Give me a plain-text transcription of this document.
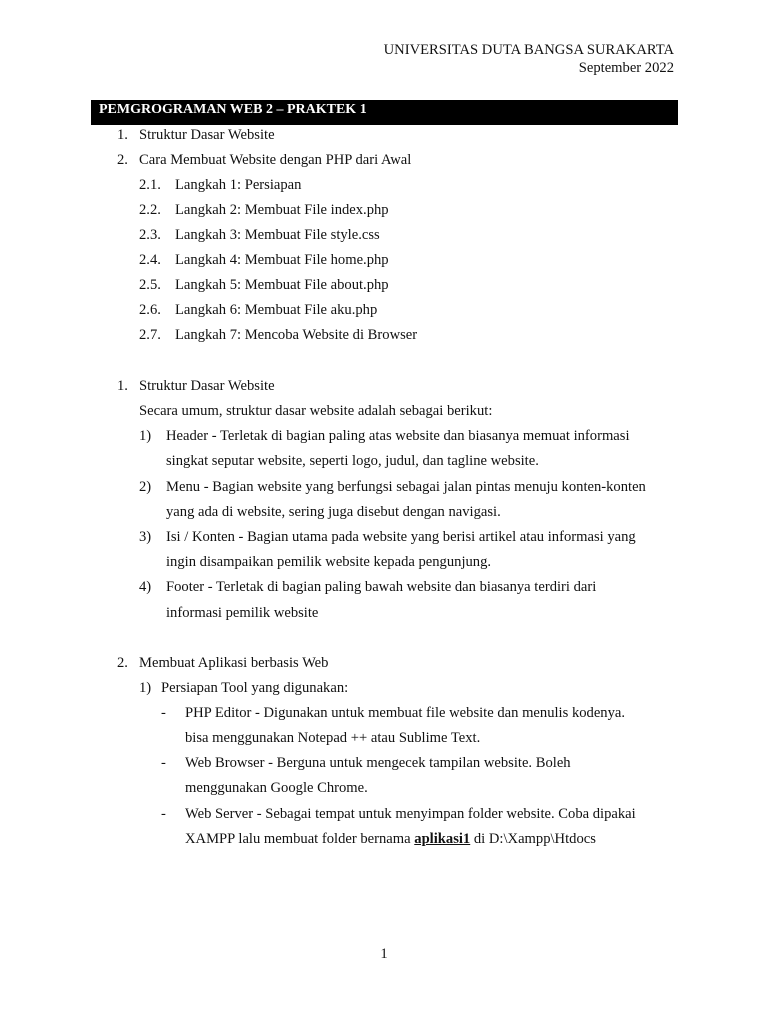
UNIVERSITAS DUTA BANGSA SURAKARTA
September 2022
PEMGROGRAMAN WEB 2 – PRAKTEK 1
1. Struktur Dasar Website
2. Cara Membuat Website dengan PHP dari Awal
2.1. Langkah 1: Persiapan
2.2. Langkah 2: Membuat File index.php
2.3. Langkah 3: Membuat File style.css
2.4. Langkah 4: Membuat File home.php
2.5. Langkah 5: Membuat File about.php
2.6. Langkah 6: Membuat File aku.php
2.7. Langkah 7: Mencoba Website di Browser
1. Struktur Dasar Website
Secara umum, struktur dasar website adalah sebagai berikut:
1) Header - Terletak di bagian paling atas website dan biasanya memuat informasi
singkat seputar website, seperti logo, judul, dan tagline website.
2) Menu - Bagian website yang berfungsi sebagai jalan pintas menuju konten-konten
yang ada di website, sering juga disebut dengan navigasi.
3) Isi / Konten - Bagian utama pada website yang berisi artikel atau informasi yang
ingin disampaikan pemilik website kepada pengunjung.
4) Footer - Terletak di bagian paling bawah website dan biasanya terdiri dari
informasi pemilik website
2. Membuat Aplikasi berbasis Web
1) Persiapan Tool yang digunakan:
- PHP Editor - Digunakan untuk membuat file website dan menulis kodenya.
bisa menggunakan Notepad ++ atau Sublime Text.
- Web Browser - Berguna untuk mengecek tampilan website. Boleh
menggunakan Google Chrome.
- Web Server - Sebagai tempat untuk menyimpan folder website. Coba dipakai
XAMPP lalu membuat folder bernama aplikasi1 di D:\Xampp\Htdocs
1
